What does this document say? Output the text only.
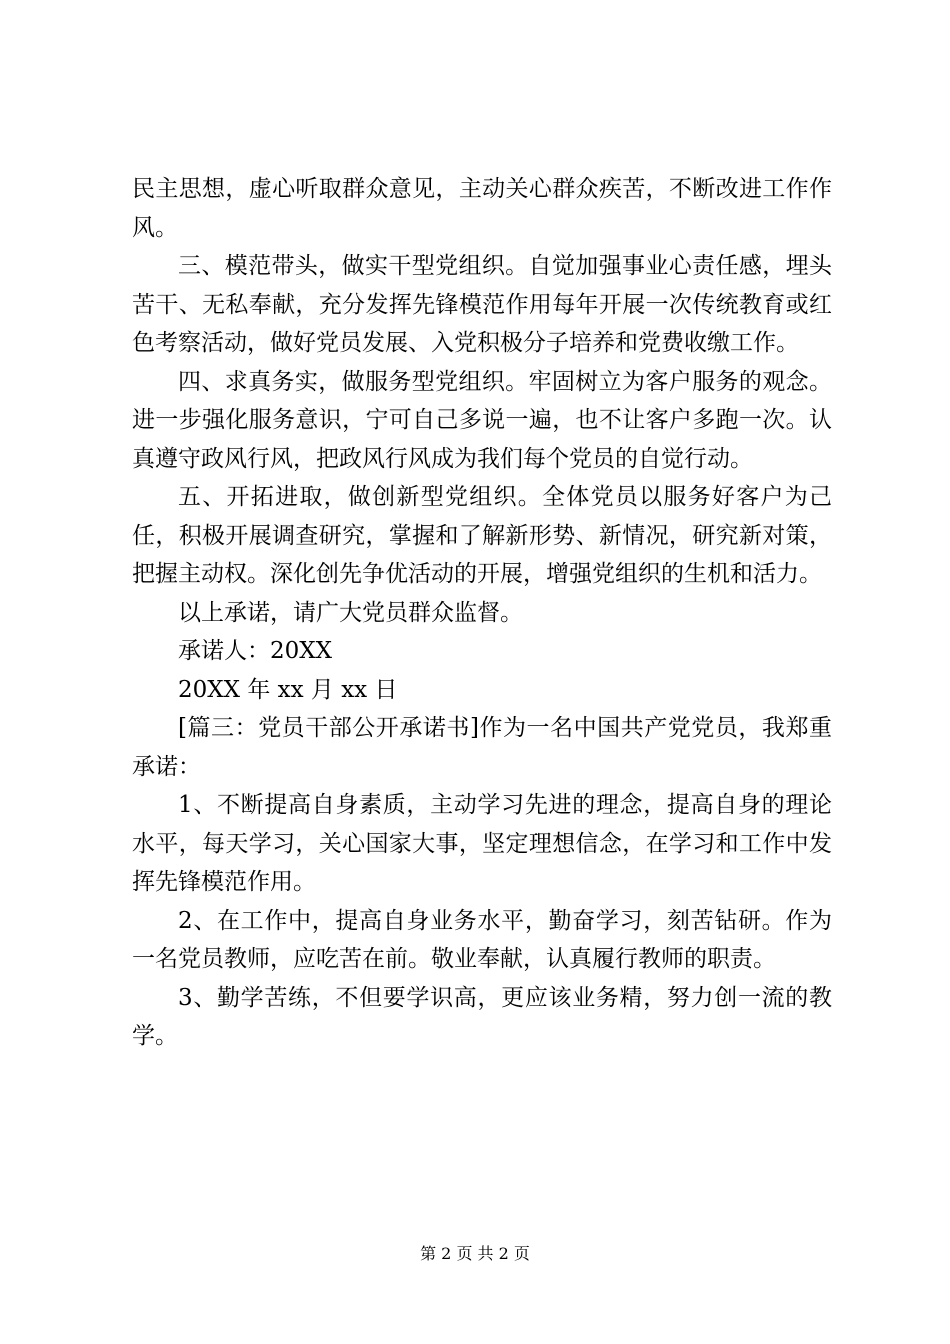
民主思想，虚心听取群众意见，主动关心群众疾苦，不断改进工作作风。

三、模范带头，做实干型党组织。自觉加强事业心责任感，埋头苦干、无私奉献，充分发挥先锋模范作用每年开展一次传统教育或红色考察活动，做好党员发展、入党积极分子培养和党费收缴工作。

四、求真务实，做服务型党组织。牢固树立为客户服务的观念。进一步强化服务意识，宁可自己多说一遍，也不让客户多跑一次。认真遵守政风行风，把政风行风成为我们每个党员的自觉行动。

五、开拓进取，做创新型党组织。全体党员以服务好客户为己任，积极开展调查研究，掌握和了解新形势、新情况，研究新对策，把握主动权。深化创先争优活动的开展，增强党组织的生机和活力。

以上承诺，请广大党员群众监督。

承诺人：20XX

20XX 年 xx 月 xx 日

[篇三：党员干部公开承诺书]作为一名中国共产党党员，我郑重承诺：

1、不断提高自身素质，主动学习先进的理念，提高自身的理论水平，每天学习，关心国家大事，坚定理想信念，在学习和工作中发挥先锋模范作用。

2、在工作中，提高自身业务水平，勤奋学习，刻苦钻研。作为一名党员教师，应吃苦在前。敬业奉献，认真履行教师的职责。

3、勤学苦练，不但要学识高，更应该业务精，努力创一流的教学。

第 2 页 共 2 页
